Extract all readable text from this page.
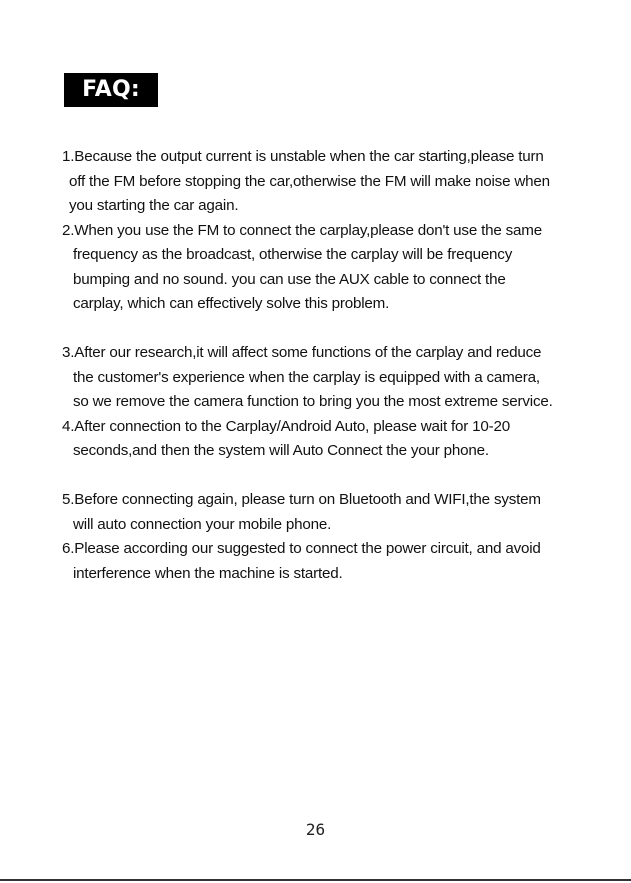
FAQ:
1.Because the output current is unstable when the car starting,please turn
off the FM before stopping the car,otherwise the FM will make noise when
you starting the car again.
2.When you use the FM to connect the carplay,please don't use the same
frequency as the broadcast, otherwise the carplay will be frequency
bumping and no sound. you can use the AUX cable to connect the
carplay, which can effectively solve this problem.
3.After our research,it will affect some functions of the carplay and reduce
the customer's experience when the carplay is equipped with a camera,
so we remove the camera function to bring you the most extreme service.
4.After connection to the Carplay/Android Auto, please wait for 10-20
seconds,and then the system will Auto Connect the your phone.
5.Before connecting again, please turn on Bluetooth and WIFI,the system
will auto connection your mobile phone.
6.Please according our suggested to connect the power circuit, and avoid
interference when the machine is started.
26
